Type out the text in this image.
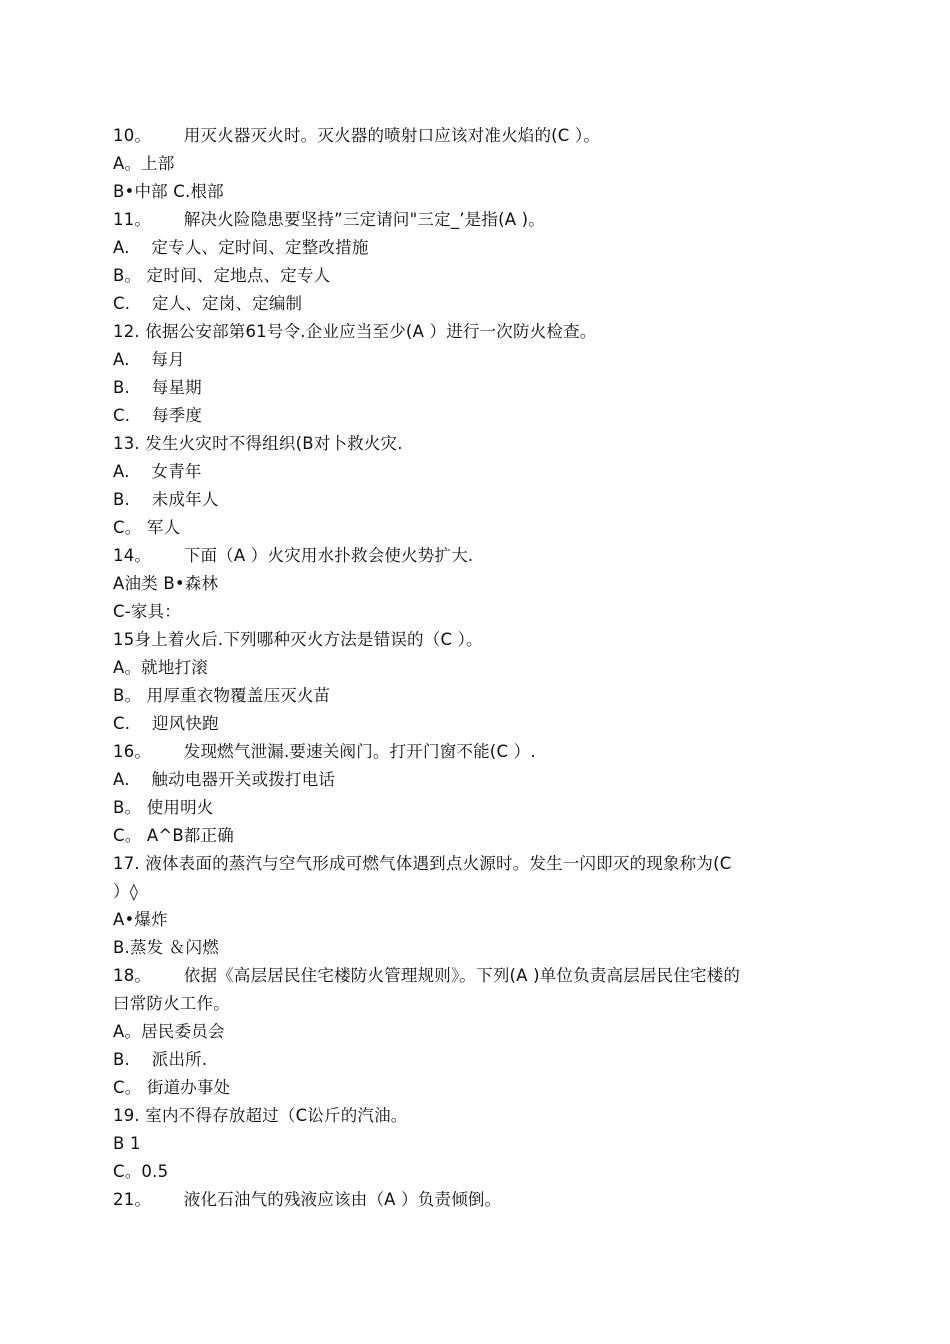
10。      用灭火器灭火时。灭火器的喷射口应该对准火焰的(C ）。
A。上部
B•中部 C.根部
11。      解决火险隐患要坚持”三定请问"三定_’是指(A )。
A.    定专人、定时间、定整改措施
B。 定时间、定地点、定专人
C.    定人、定岗、定编制
12. 依据公安部第61号令.企业应当至少(A ）进行一次防火检查。
A.    每月
B.    每星期
C.    每季度
13. 发生火灾时不得组织(B对卜救火灾.
A.    女青年
B.    未成年人
C。 军人
14。      下面（A ）火灾用水扑救会使火势扩大.
A油类 B•森林
C-家具：
15身上着火后.下列哪种灭火方法是错误的（C ）。
A。就地打滚
B。 用厚重衣物覆盖压灭火苗
C.    迎风快跑
16。      发现燃气泄漏.要速关阀门。打开门窗不能(C ）.
A.    触动电器开关或拨打电话
B。 使用明火
C。 A^B都正确
17. 液体表面的蒸汽与空气形成可燃气体遇到点火源时。发生一闪即灭的现象称为(C
）◊
A•爆炸
B.蒸发 ＆闪燃
18。      依据《高层居民住宅楼防火管理规则》。下列(A )单位负责高层居民住宅楼的
曰常防火工作。
A。居民委员会
B.    派出所.
C。 街道办事处
19. 室内不得存放超过（C讼斤的汽油。
B 1
C。0.5
21。      液化石油气的残液应该由（A ）负责倾倒。
